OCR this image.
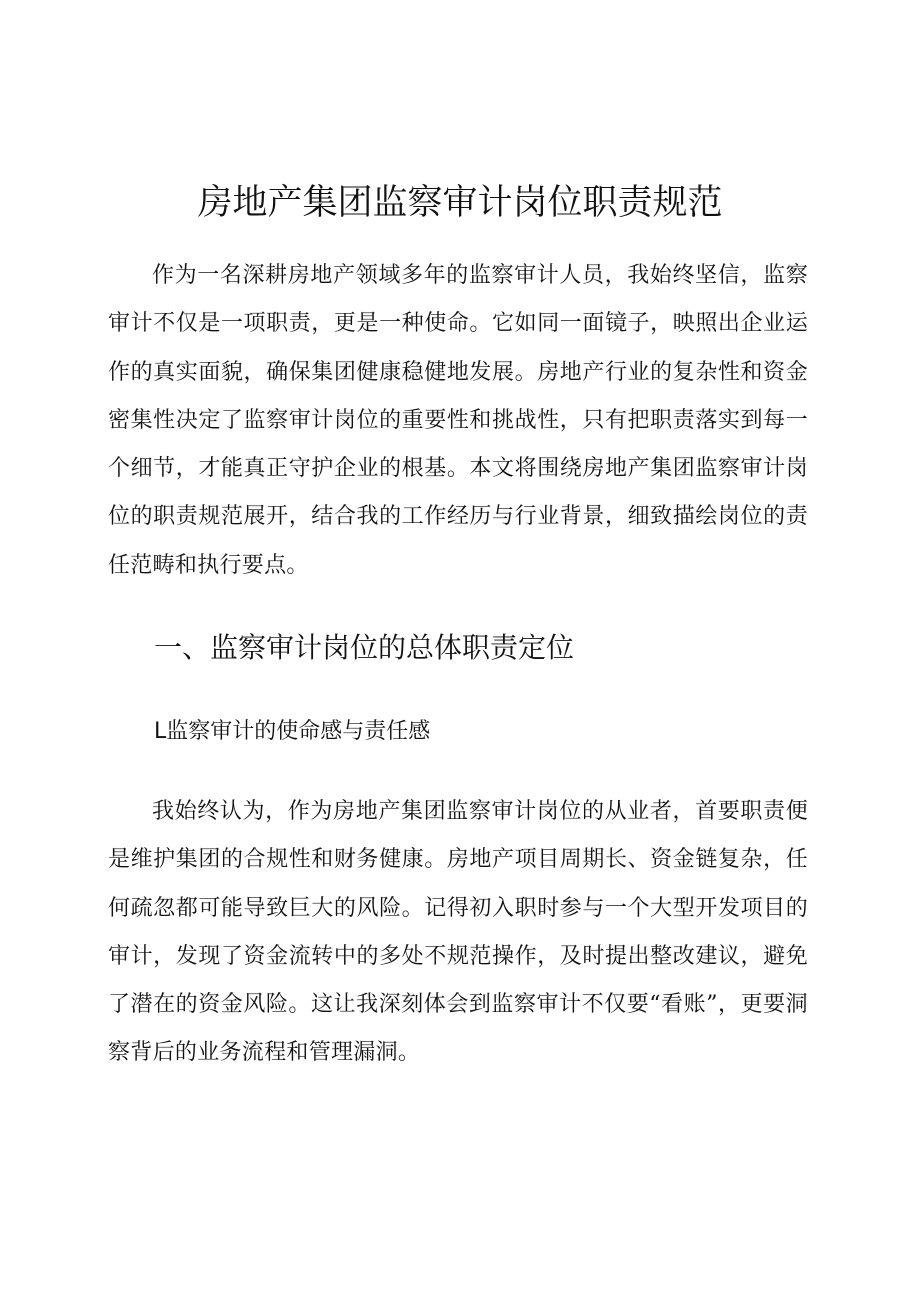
房地产集团监察审计岗位职责规范

作为一名深耕房地产领域多年的监察审计人员，我始终坚信，监察审计不仅是一项职责，更是一种使命。它如同一面镜子，映照出企业运作的真实面貌，确保集团健康稳健地发展。房地产行业的复杂性和资金密集性决定了监察审计岗位的重要性和挑战性，只有把职责落实到每一个细节，才能真正守护企业的根基。本文将围绕房地产集团监察审计岗位的职责规范展开，结合我的工作经历与行业背景，细致描绘岗位的责任范畴和执行要点。

一、监察审计岗位的总体职责定位
L监察审计的使命感与责任感

我始终认为，作为房地产集团监察审计岗位的从业者，首要职责便是维护集团的合规性和财务健康。房地产项目周期长、资金链复杂，任何疏忽都可能导致巨大的风险。记得初入职时参与一个大型开发项目的审计，发现了资金流转中的多处不规范操作，及时提出整改建议，避免了潜在的资金风险。这让我深刻体会到监察审计不仅要“看账”，更要洞察背后的业务流程和管理漏洞。
